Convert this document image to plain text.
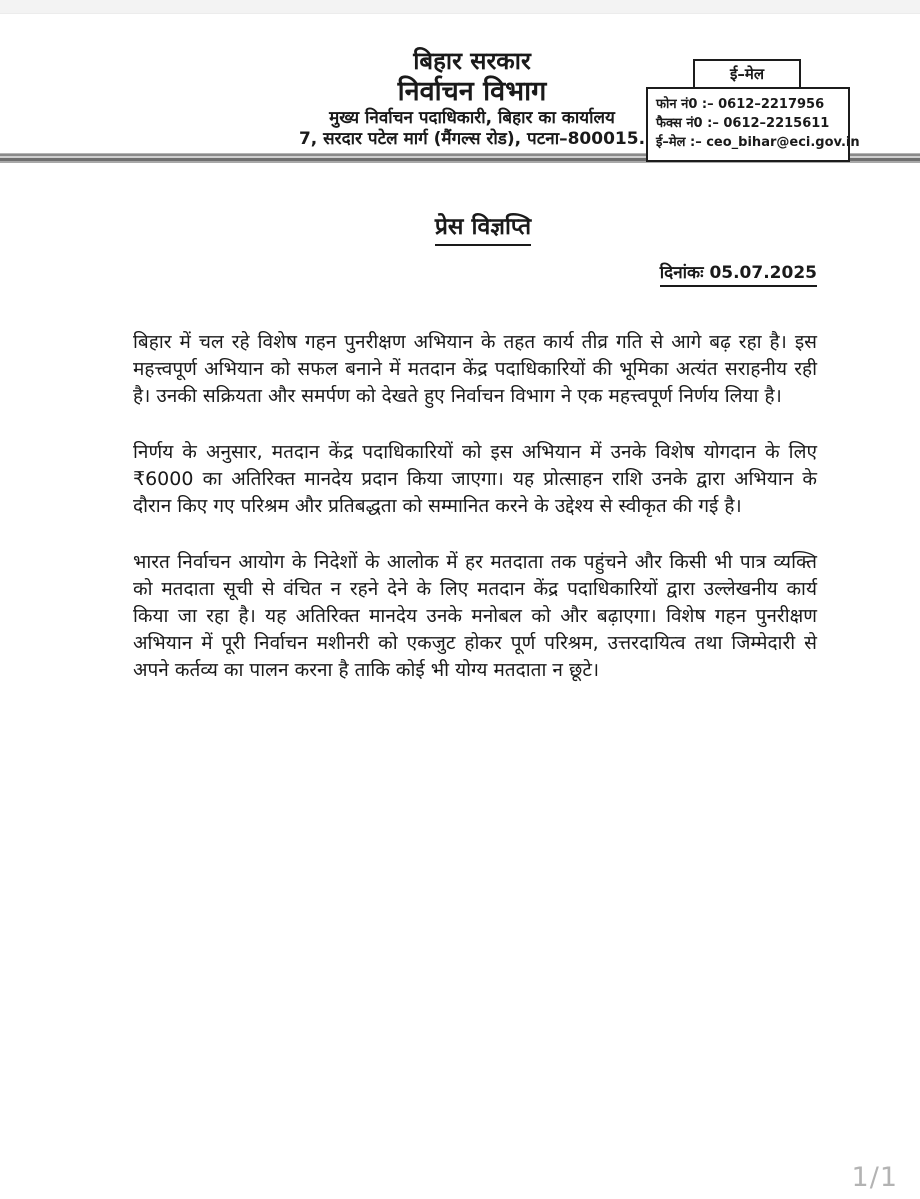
बिहार सरकार
निर्वाचन विभाग
मुख्य निर्वाचन पदाधिकारी, बिहार का कार्यालय
7, सरदार पटेल मार्ग (मैंगल्स रोड), पटना–800015.
ई–मेल
फोन नं0 :– 0612–2217956
फैक्स नं0 :– 0612–2215611
ई–मेल :– ceo_bihar@eci.gov.in
प्रेस विज्ञप्ति
दिनांकः 05.07.2025

बिहार में चल रहे विशेष गहन पुनरीक्षण अभियान के तहत कार्य तीव्र गति से आगे बढ़ रहा है। इस महत्त्वपूर्ण अभियान को सफल बनाने में मतदान केंद्र पदाधिकारियों की भूमिका अत्यंत सराहनीय रही है। उनकी सक्रियता और समर्पण को देखते हुए निर्वाचन विभाग ने एक महत्त्वपूर्ण निर्णय लिया है।

निर्णय के अनुसार, मतदान केंद्र पदाधिकारियों को इस अभियान में उनके विशेष योगदान के लिए ₹6000 का अतिरिक्त मानदेय प्रदान किया जाएगा। यह प्रोत्साहन राशि उनके द्वारा अभियान के दौरान किए गए परिश्रम और प्रतिबद्धता को सम्मानित करने के उद्देश्य से स्वीकृत की गई है।

भारत निर्वाचन आयोग के निदेशों के आलोक में हर मतदाता तक पहुंचने और किसी भी पात्र व्यक्ति को मतदाता सूची से वंचित न रहने देने के लिए मतदान केंद्र पदाधिकारियों द्वारा उल्लेखनीय कार्य किया जा रहा है। यह अतिरिक्त मानदेय उनके मनोबल को और बढ़ाएगा। विशेष गहन पुनरीक्षण अभियान में पूरी निर्वाचन मशीनरी को एकजुट होकर पूर्ण परिश्रम, उत्तरदायित्व तथा जिम्मेदारी से अपने कर्तव्य का पालन करना है ताकि कोई भी योग्य मतदाता न छूटे।

1/1
